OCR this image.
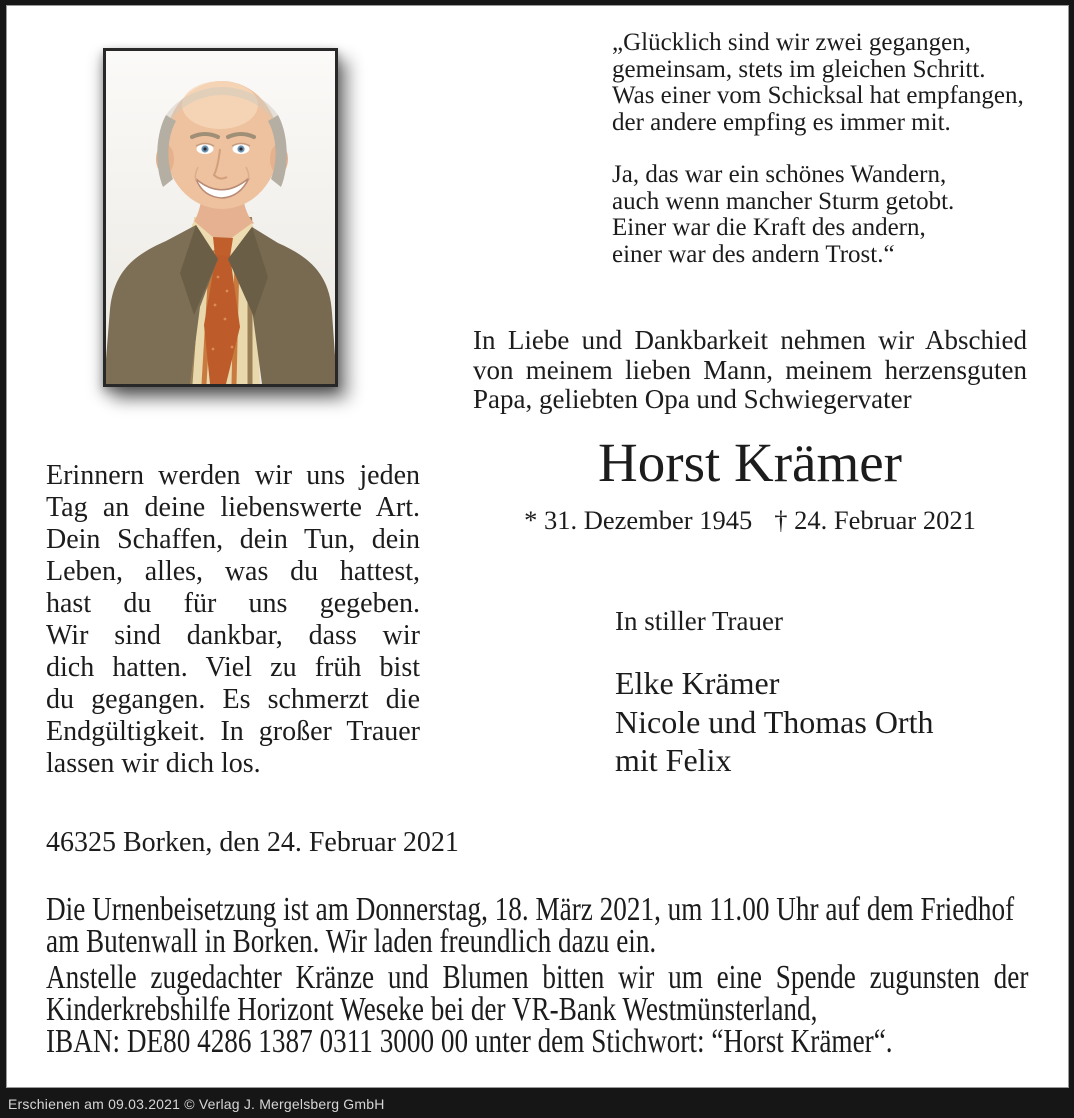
„Glücklich sind wir zwei gegangen,
gemeinsam, stets im gleichen Schritt.
Was einer vom Schicksal hat empfangen,
der andere empfing es immer mit.
Ja, das war ein schönes Wandern,
auch wenn mancher Sturm getobt.
Einer war die Kraft des andern,
einer war des andern Trost.“
In Liebe und Dankbarkeit nehmen wir Abschied
von meinem lieben Mann, meinem herzensguten
Papa, geliebten Opa und Schwiegervater
Horst Krämer
* 31. Dezember 1945 † 24. Februar 2021
Erinnern werden wir uns jeden
Tag an deine liebenswerte Art.
Dein Schaffen, dein Tun, dein
Leben, alles, was du hattest,
hast du für uns gegeben.
Wir sind dankbar, dass wir
dich hatten. Viel zu früh bist
du gegangen. Es schmerzt die
Endgültigkeit. In großer Trauer
lassen wir dich los.
In stiller Trauer
Elke Krämer
Nicole und Thomas Orth
mit Felix
46325 Borken, den 24. Februar 2021
Die Urnenbeisetzung ist am Donnerstag, 18. März 2021, um 11.00 Uhr auf dem Friedhof
am Butenwall in Borken. Wir laden freundlich dazu ein.
Anstelle zugedachter Kränze und Blumen bitten wir um eine Spende zugunsten der
Kinderkrebshilfe Horizont Weseke bei der VR-Bank Westmünsterland,
IBAN: DE80 4286 1387 0311 3000 00 unter dem Stichwort: “Horst Krämer“.
Erschienen am 09.03.2021 © Verlag J. Mergelsberg GmbH
